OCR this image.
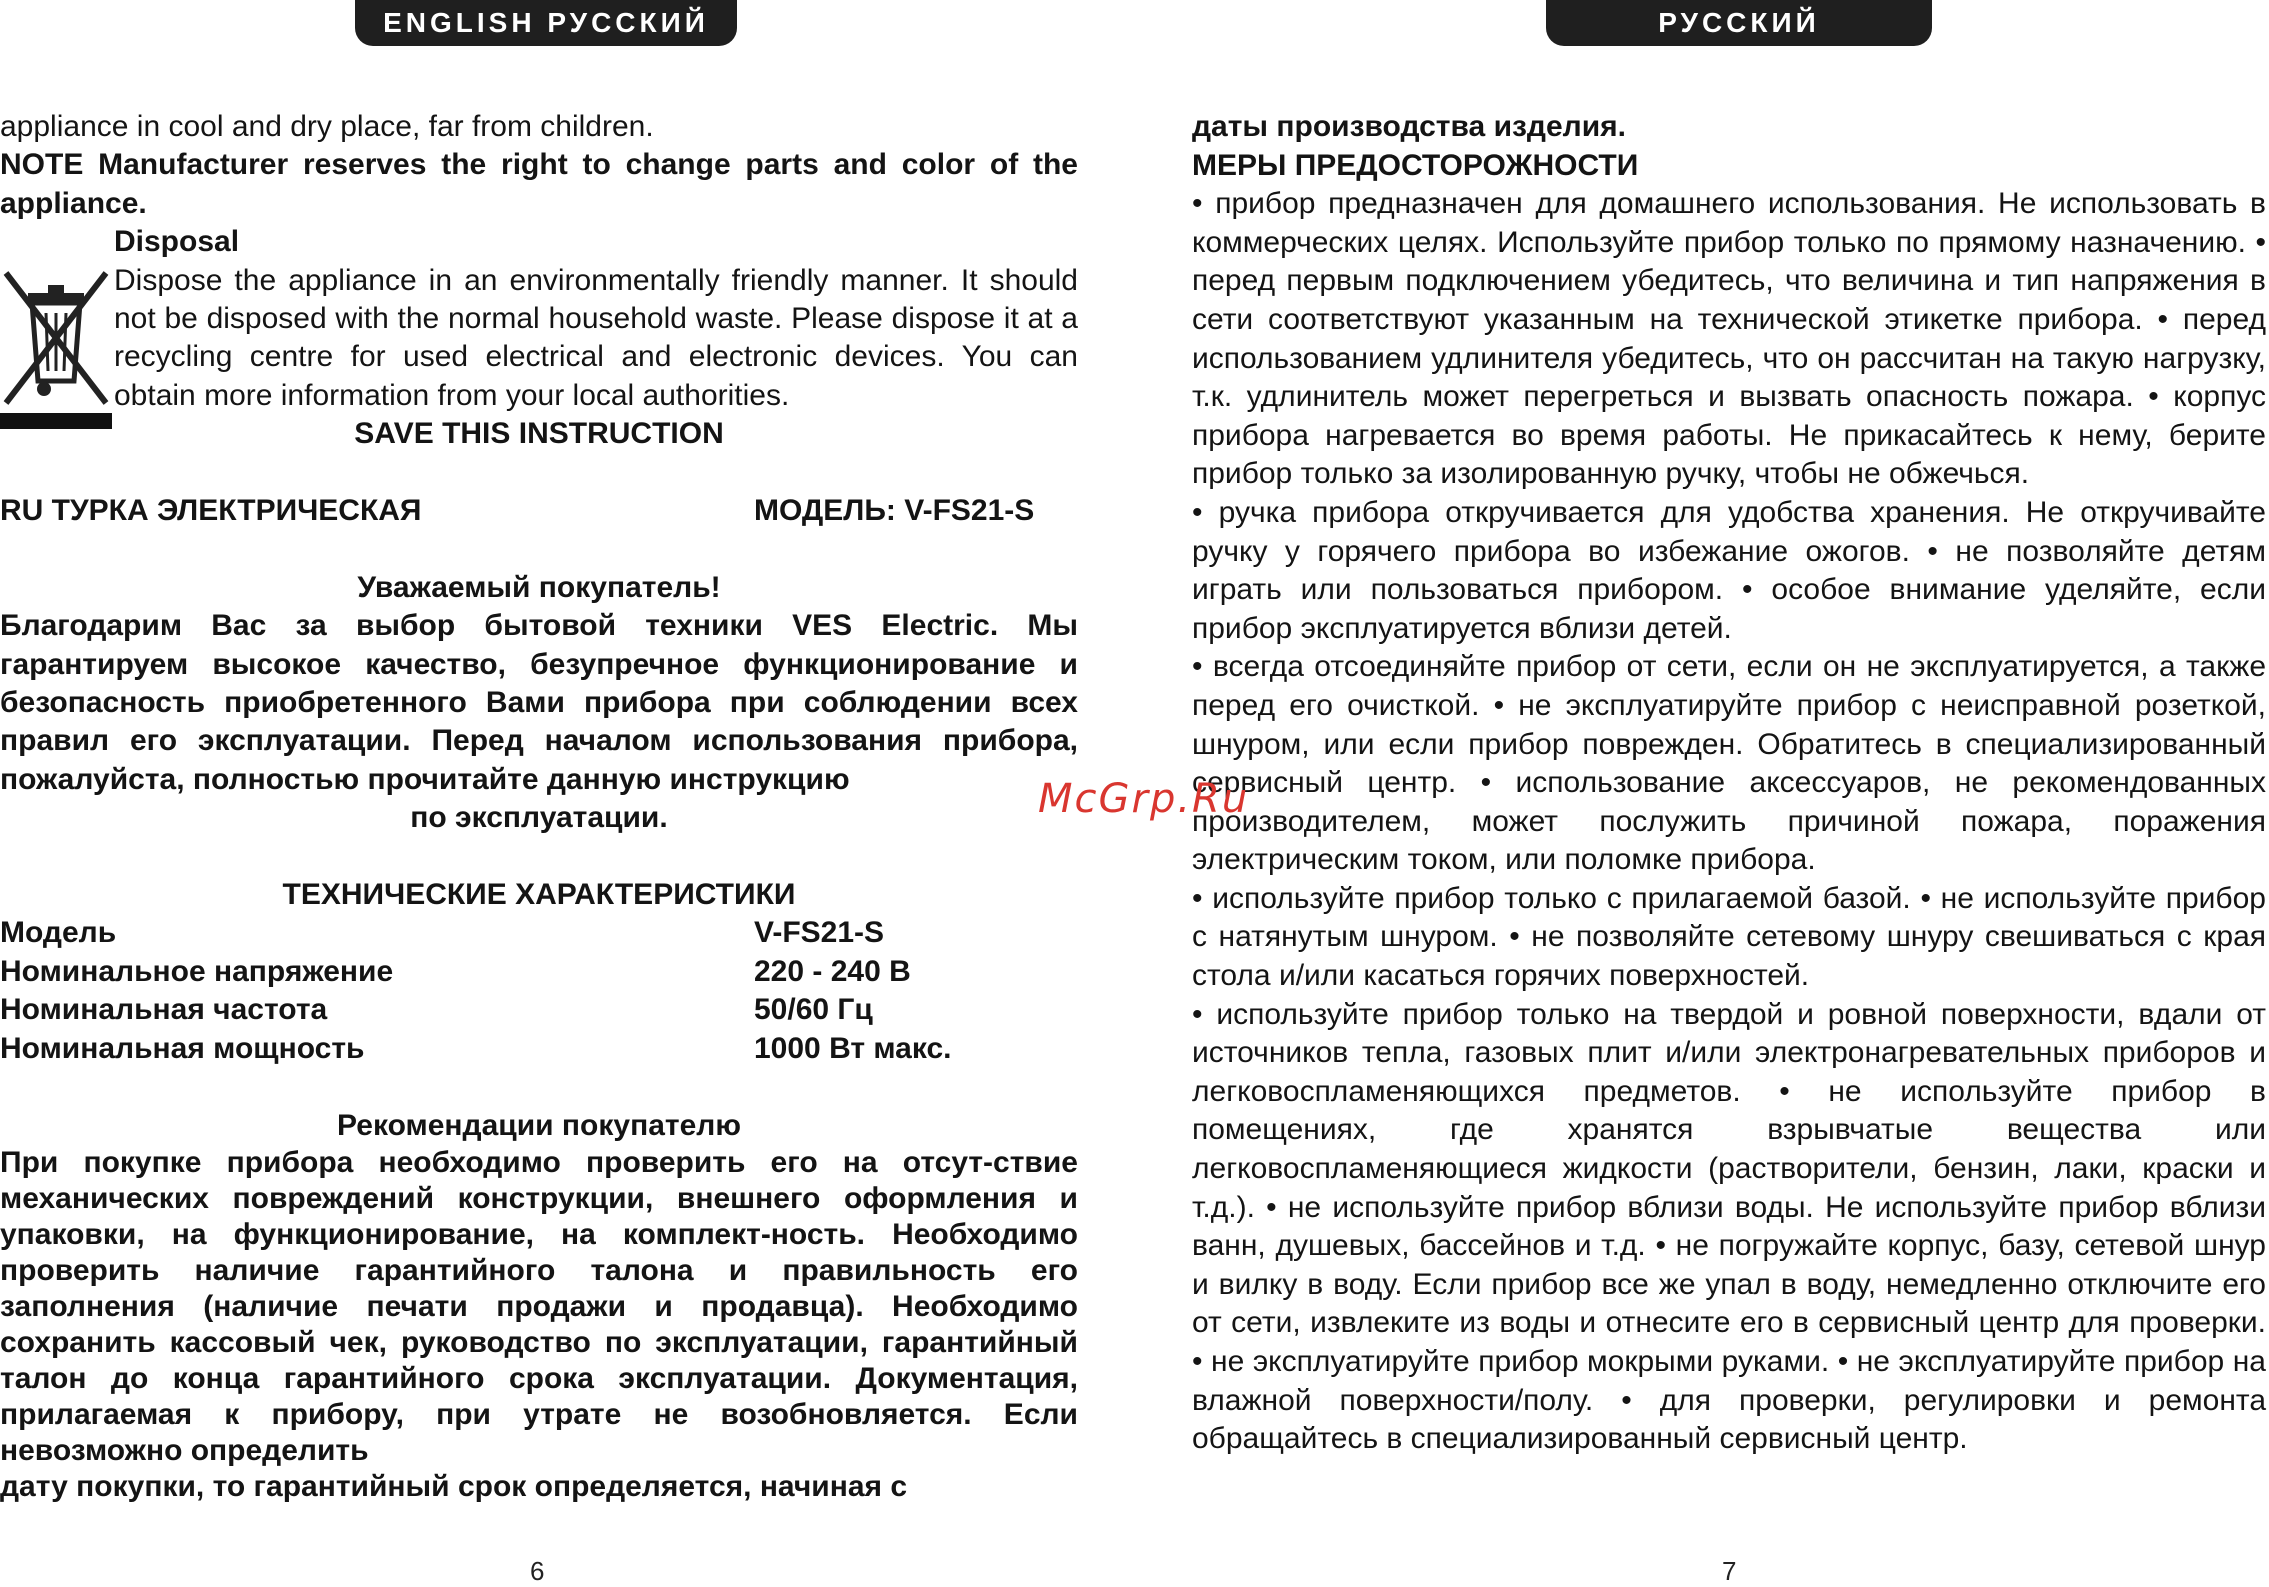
ENGLISH РУССКИЙ	РУССКИЙ

appliance in cool and dry place, far from children.

NOTE Manufacturer reserves the right to change parts and color of the appliance.

Disposal

Dispose the appliance in an environmentally friendly manner. It should not be disposed with the normal household waste. Please dispose it at a recycling centre for used electrical and electronic devices. You can obtain more information from your local authorities.

SAVE THIS INSTRUCTION

RU ТУРКА ЭЛЕКТРИЧЕСКАЯ	МОДЕЛЬ: V-FS21-S

Уважаемый покупатель!

Благодарим Вас за выбор бытовой техники VES Electric. Мы гарантируем высокое качество, безупречное функционирование и безопасность приобретенного Вами прибора при соблюдении всех правил его эксплуатации. Перед началом использования прибора, пожалуйста, полностью прочитайте данную инструкцию

по эксплуатации.

ТЕХНИЧЕСКИЕ ХАРАКТЕРИСТИКИ

Модель	V-FS21-S
Номинальное напряжение	220 - 240 В
Номинальная частота	50/60 Гц
Номинальная мощность	1000 Вт макс.

Рекомендации покупателю

При покупке прибора необходимо проверить его на отсут-ствие механических повреждений конструкции, внешнего оформления и упаковки, на функционирование, на комплект-ность. Необходимо проверить наличие гарантийного талона и правильность его заполнения (наличие печати продажи и продавца). Необходимо сохранить кассовый чек, руководство по эксплуатации, гарантийный талон до конца гарантийного срока эксплуатации. Документация, прилагаемая к прибору, при утрате не возобновляется. Если невозможно определить

дату покупки, то гарантийный срок определяется, начиная с

даты производства изделия.

МЕРЫ ПРЕДОСТОРОЖНОСТИ

• прибор предназначен для домашнего использования. Не использовать в коммерческих целях. Используйте прибор только по прямому назначению. • перед первым подключением убедитесь, что величина и тип напряжения в сети соответствуют указанным на технической этикетке прибора. • перед использованием удлинителя убедитесь, что он рассчитан на такую нагрузку, т.к. удлинитель может перегреться и вызвать опасность пожара. • корпус прибора нагревается во время работы. Не прикасайтесь к нему, берите прибор только за изолированную ручку, чтобы не обжечься.

• ручка прибора откручивается для удобства хранения. Не откручивайте ручку у горячего прибора во избежание ожогов. • не позволяйте детям играть или пользоваться прибором. • особое внимание уделяйте, если прибор эксплуатируется вблизи детей.

• всегда отсоединяйте прибор от сети, если он не эксплуатируется, а также перед его очисткой. • не эксплуатируйте прибор с неисправной розеткой, шнуром, или если прибор поврежден. Обратитесь в специализированный сервисный центр. • использование аксессуаров, не рекомендованных производителем, может послужить причиной пожара, поражения электрическим током, или поломке прибора.

• используйте прибор только с прилагаемой базой. • не используйте прибор с натянутым шнуром. • не позволяйте сетевому шнуру свешиваться с края стола и/или касаться горячих поверхностей.

• используйте прибор только на твердой и ровной поверхности, вдали от источников тепла, газовых плит и/или электронагревательных приборов и легковоспламеняющихся предметов. • не используйте прибор в помещениях, где хранятся взрывчатые вещества или легковоспламеняющиеся жидкости (растворители, бензин, лаки, краски и т.д.). • не используйте прибор вблизи воды. Не используйте прибор вблизи ванн, душевых, бассейнов и т.д. • не погружайте корпус, базу, сетевой шнур и вилку в воду. Если прибор все же упал в воду, немедленно отключите его от сети, извлеките из воды и отнесите его в сервисный центр для проверки. • не эксплуатируйте прибор мокрыми руками. • не эксплуатируйте прибор на влажной поверхности/полу. • для проверки, регулировки и ремонта обращайтесь в специализированный сервисный центр.

McGrp.Ru
6	7
